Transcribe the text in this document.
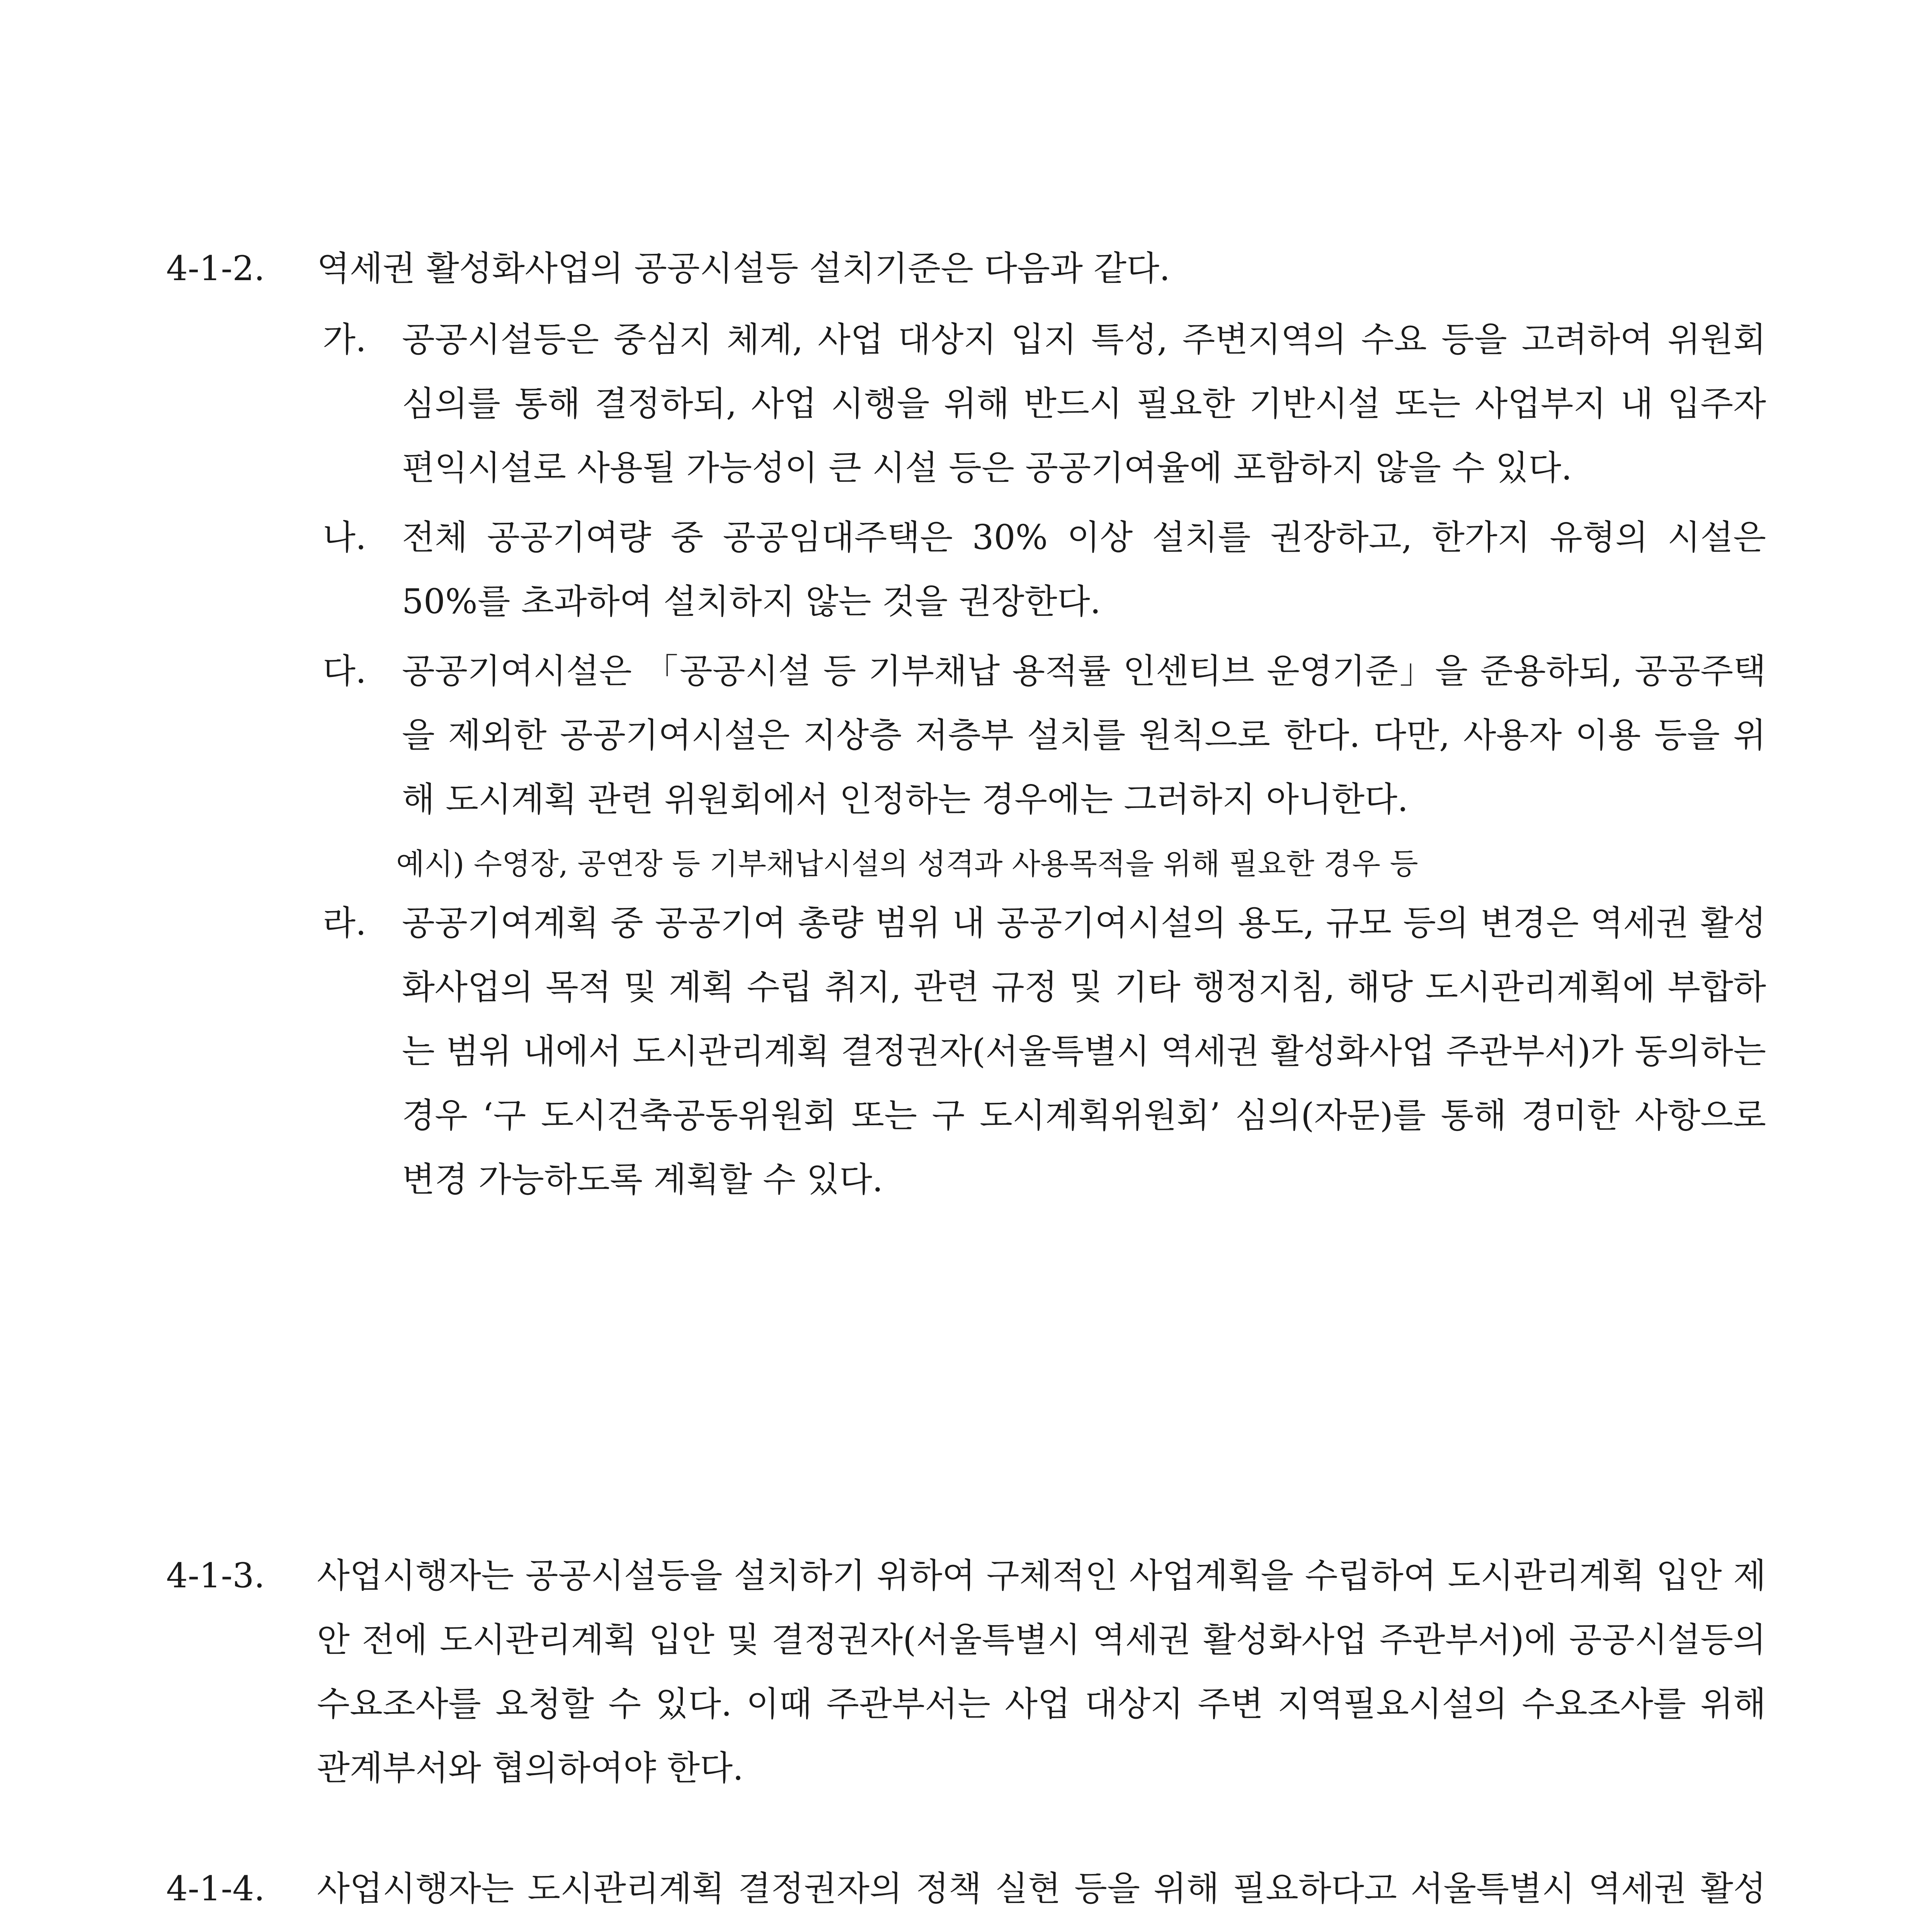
4-1-2. 역세권 활성화사업의 공공시설등 설치기준은 다음과 같다.

가. 공공시설등은 중심지 체계, 사업 대상지 입지 특성, 주변지역의 수요 등을 고려하여 위원회 심의를 통해 결정하되, 사업 시행을 위해 반드시 필요한 기반시설 또는 사업부지 내 입주자 편익시설로 사용될 가능성이 큰 시설 등은 공공기여율에 포함하지 않을 수 있다.
나. 전체 공공기여량 중 공공임대주택은 30% 이상 설치를 권장하고, 한가지 유형의 시설은 50%를 초과하여 설치하지 않는 것을 권장한다.
다. 공공기여시설은 「공공시설 등 기부채납 용적률 인센티브 운영기준」을 준용하되, 공공주택을 제외한 공공기여시설은 지상층 저층부 설치를 원칙으로 한다. 다만, 사용자 이용 등을 위해 도시계획 관련 위원회에서 인정하는 경우에는 그러하지 아니한다.
예시) 수영장, 공연장 등 기부채납시설의 성격과 사용목적을 위해 필요한 경우 등
라. 공공기여계획 중 공공기여 총량 범위 내 공공기여시설의 용도, 규모 등의 변경은 역세권 활성화사업의 목적 및 계획 수립 취지, 관련 규정 및 기타 행정지침, 해당 도시관리계획에 부합하는 범위 내에서 도시관리계획 결정권자(서울특별시 역세권 활성화사업 주관부서)가 동의하는 경우 ‘구 도시건축공동위원회 또는 구 도시계획위원회’ 심의(자문)를 통해 경미한 사항으로 변경 가능하도록 계획할 수 있다.
4-1-3. 사업시행자는 공공시설등을 설치하기 위하여 구체적인 사업계획을 수립하여 도시관리계획 입안 제안 전에 도시관리계획 입안 및 결정권자(서울특별시 역세권 활성화사업 주관부서)에 공공시설등의 수요조사를 요청할 수 있다. 이때 주관부서는 사업 대상지 주변 지역필요시설의 수요조사를 위해 관계부서와 협의하여야 한다.
4-1-4. 사업시행자는 도시관리계획 결정권자의 정책 실현 등을 위해 필요하다고 서울특별시 역세권 활성
